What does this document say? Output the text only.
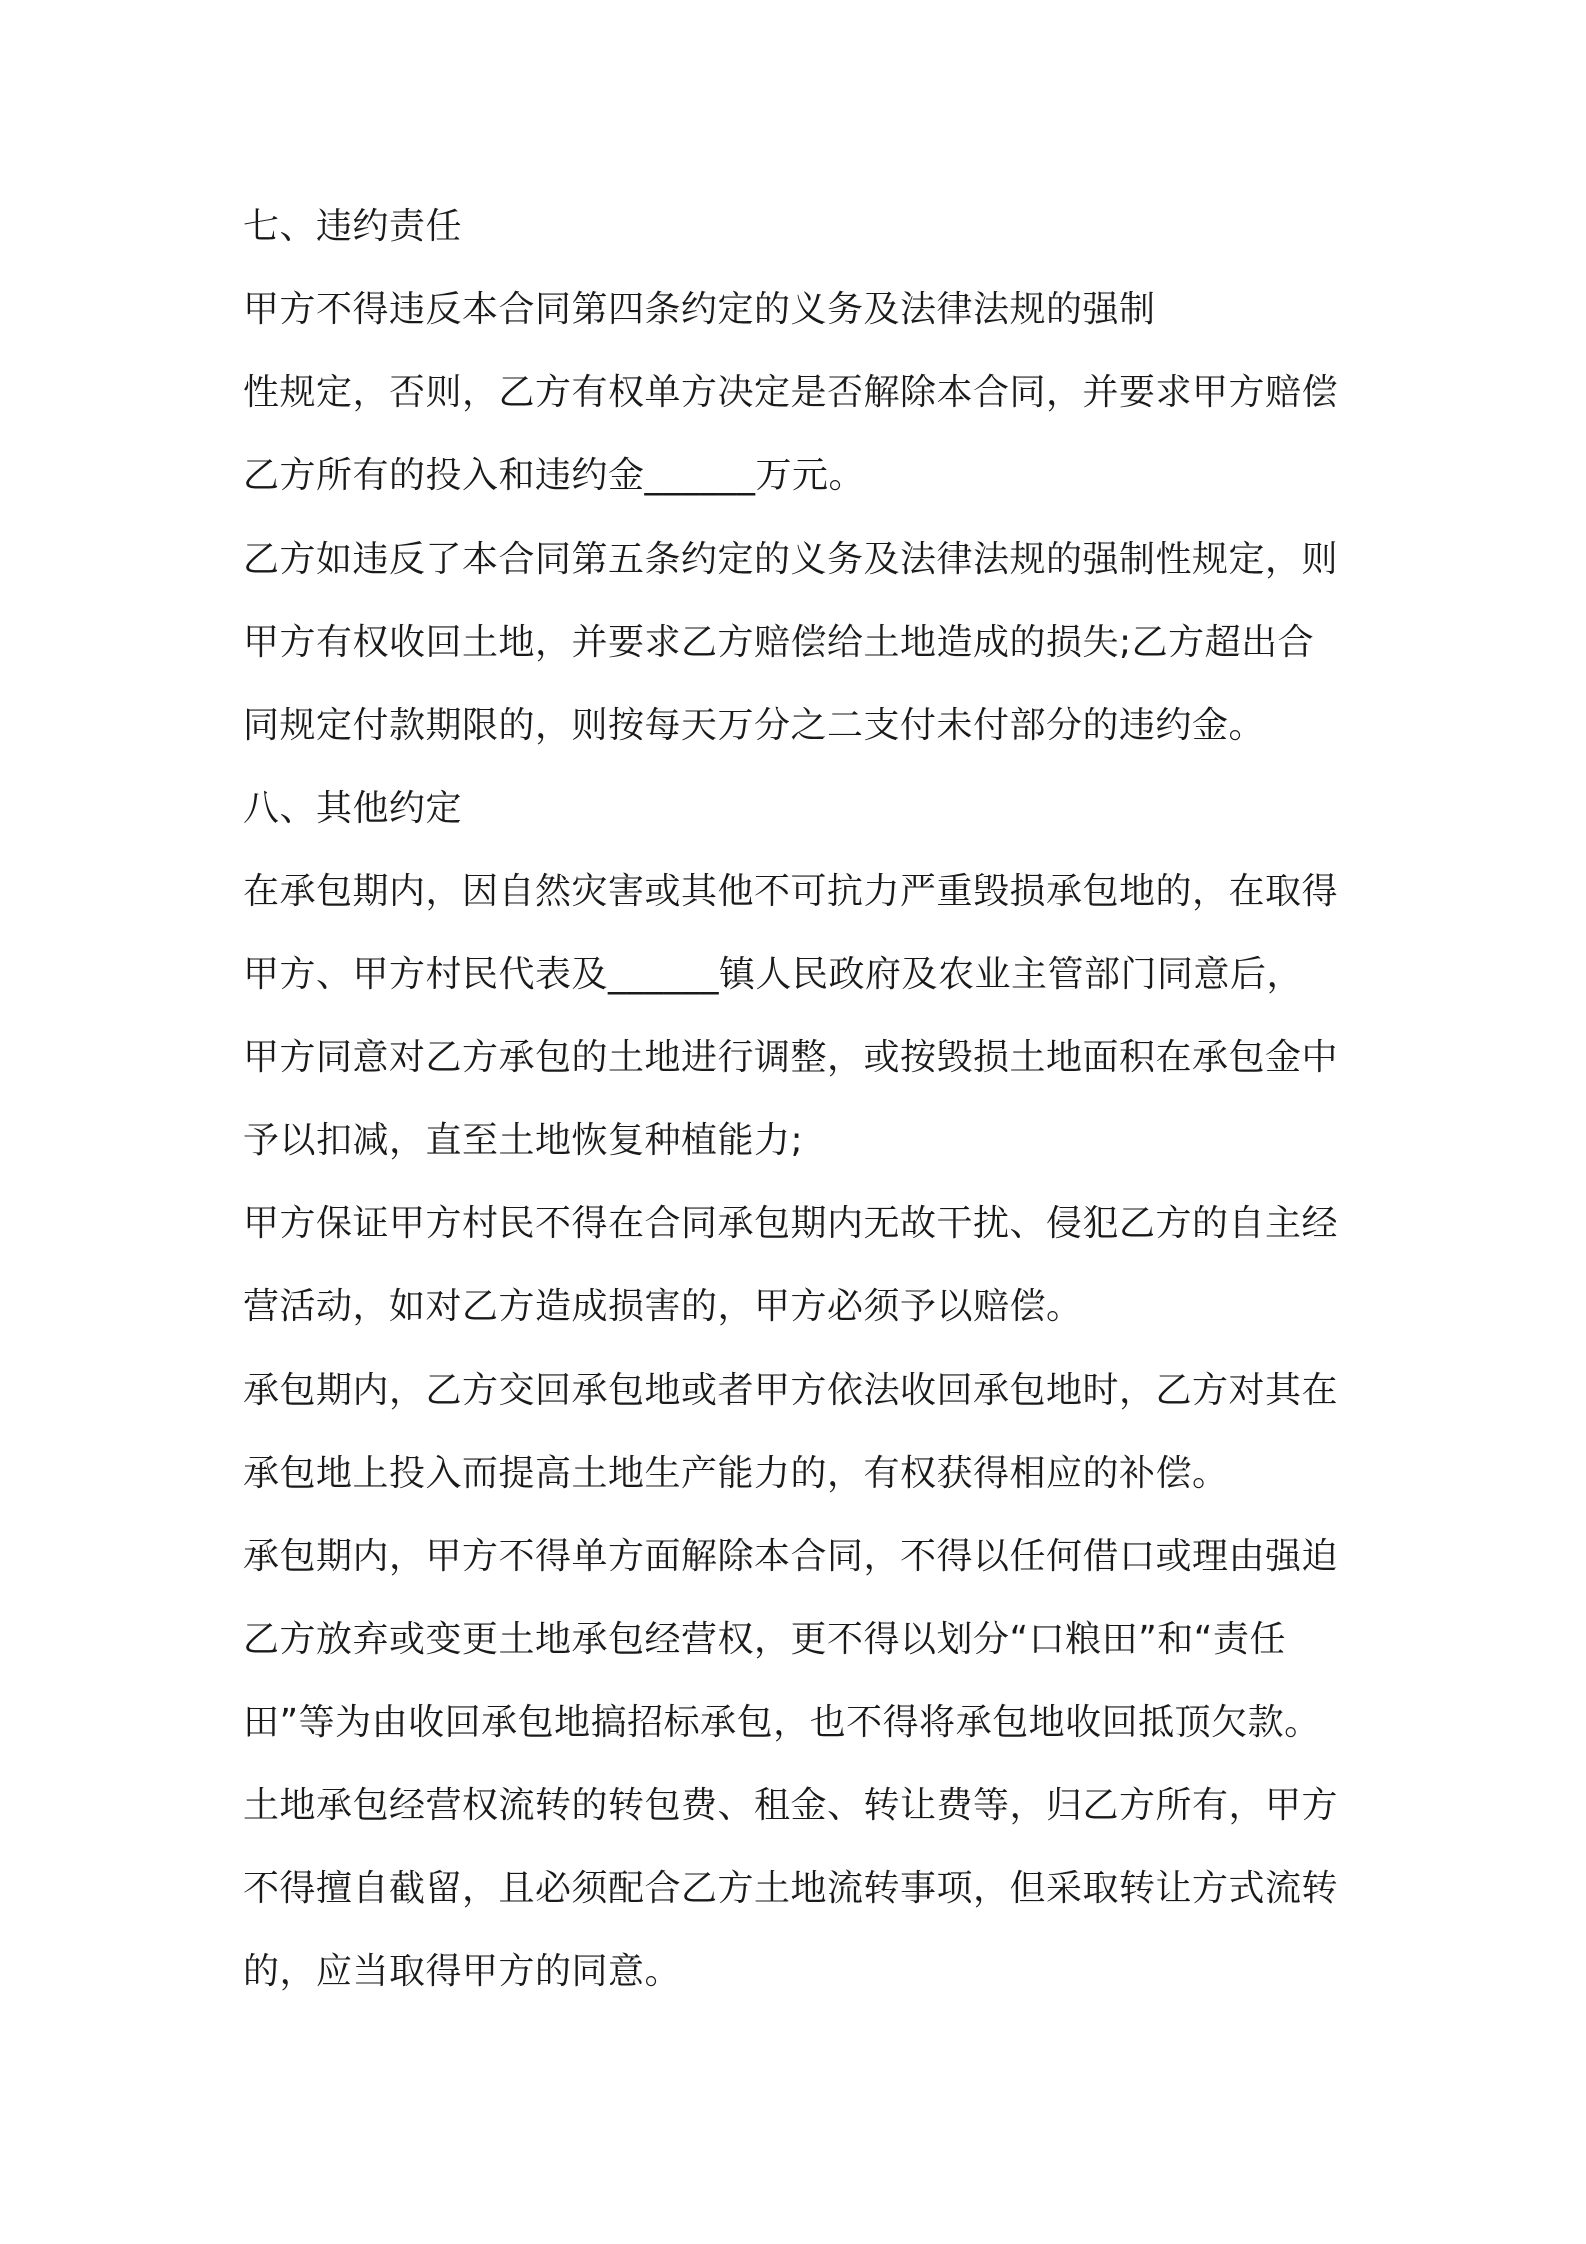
七、违约责任
甲方不得违反本合同第四条约定的义务及法律法规的强制
性规定，否则，乙方有权单方决定是否解除本合同，并要求甲方赔偿
乙方所有的投入和违约金______万元。
乙方如违反了本合同第五条约定的义务及法律法规的强制性规定，则
甲方有权收回土地，并要求乙方赔偿给土地造成的损失;乙方超出合
同规定付款期限的，则按每天万分之二支付未付部分的违约金。
八、其他约定
在承包期内，因自然灾害或其他不可抗力严重毁损承包地的，在取得
甲方、甲方村民代表及______镇人民政府及农业主管部门同意后，
甲方同意对乙方承包的土地进行调整，或按毁损土地面积在承包金中
予以扣减，直至土地恢复种植能力;
甲方保证甲方村民不得在合同承包期内无故干扰、侵犯乙方的自主经
营活动，如对乙方造成损害的，甲方必须予以赔偿。
承包期内，乙方交回承包地或者甲方依法收回承包地时，乙方对其在
承包地上投入而提高土地生产能力的，有权获得相应的补偿。
承包期内，甲方不得单方面解除本合同，不得以任何借口或理由强迫
乙方放弃或变更土地承包经营权，更不得以划分“口粮田”和“责任
田”等为由收回承包地搞招标承包，也不得将承包地收回抵顶欠款。
土地承包经营权流转的转包费、租金、转让费等，归乙方所有，甲方
不得擅自截留，且必须配合乙方土地流转事项，但采取转让方式流转
的，应当取得甲方的同意。
